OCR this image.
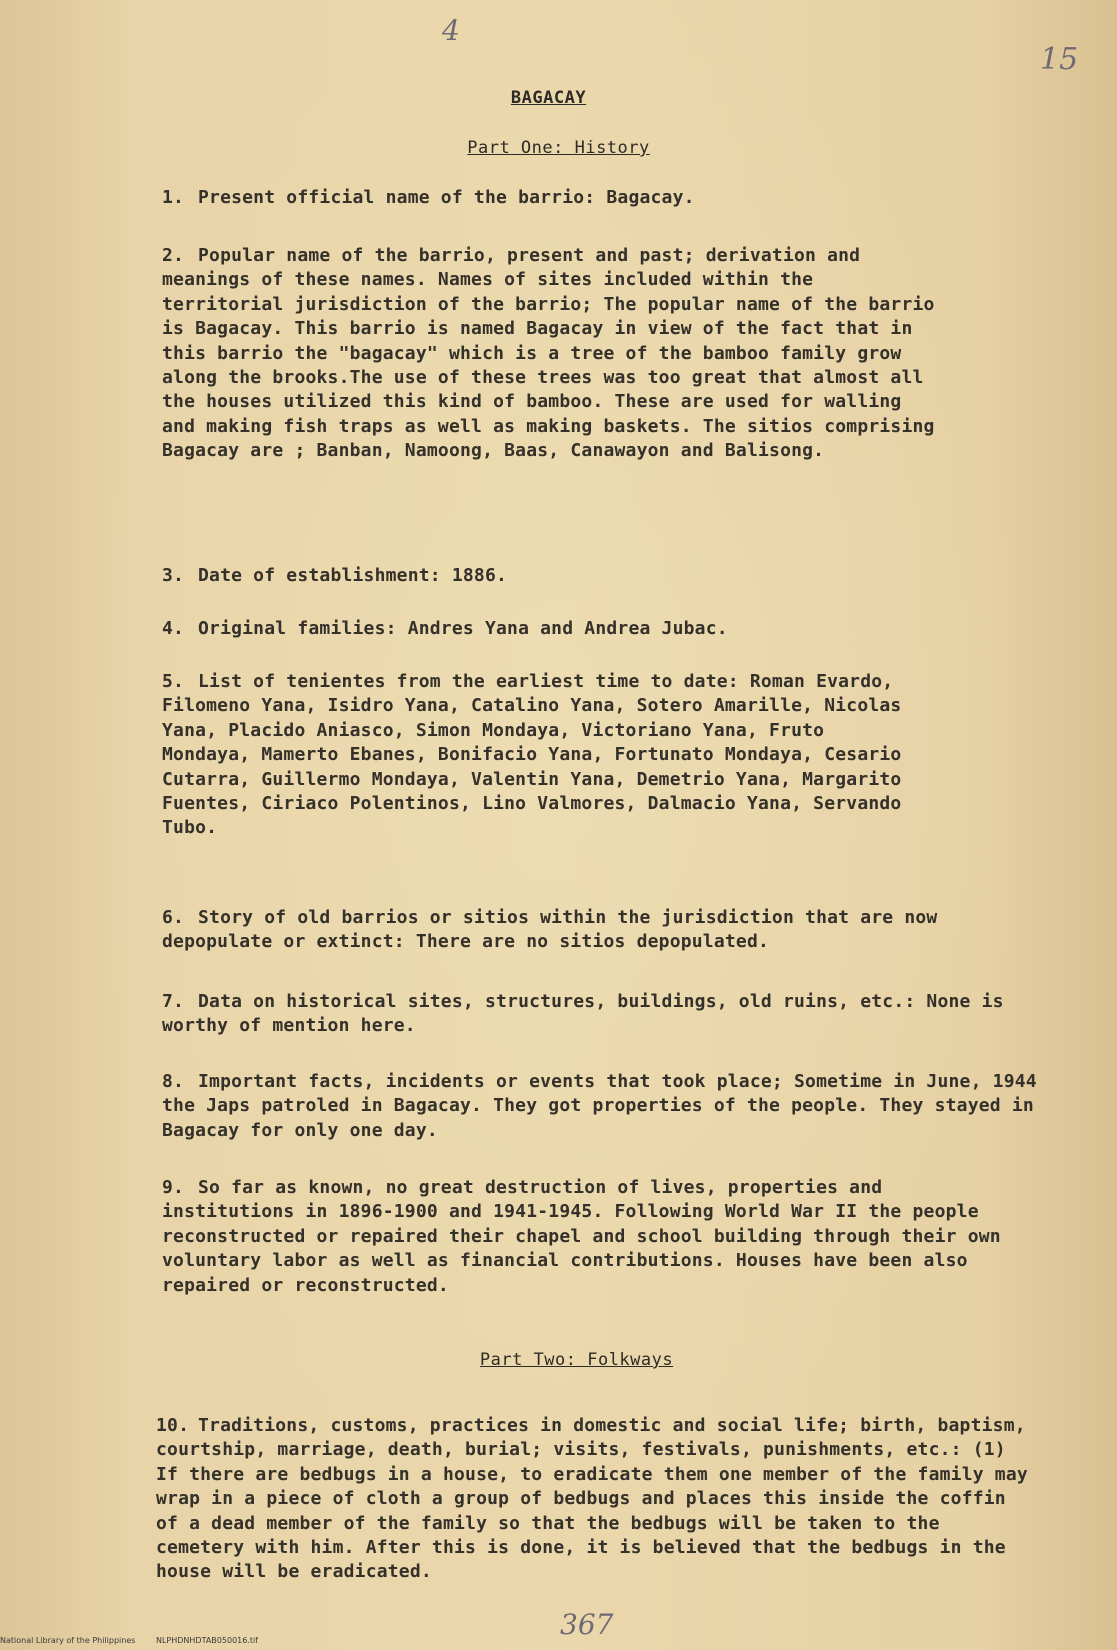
4
15
BAGACAY
Part One: History
1. Present official name of the barrio: Bagacay.
2. Popular name of the barrio, present and past; derivation and meanings of these names. Names of sites included within the territorial jurisdiction of the barrio; The popular name of the barrio is Bagacay. This barrio is named Bagacay in view of the fact that in this barrio the "bagacay" which is a tree of the bamboo family grow along the brooks.The use of these trees was too great that almost all the houses utilized this kind of bamboo. These are used for walling and making fish traps as well as making baskets. The sitios comprising Bagacay are ; Banban, Namoong, Baas, Canawayon and Balisong.
3. Date of establishment: 1886.
4. Original families: Andres Yana and Andrea Jubac.
5. List of tenientes from the earliest time to date: Roman Evardo, Filomeno Yana, Isidro Yana, Catalino Yana, Sotero Amarille, Nicolas Yana, Placido Aniasco, Simon Mondaya, Victoriano Yana, Fruto Mondaya, Mamerto Ebanes, Bonifacio Yana, Fortunato Mondaya, Cesario Cutarra, Guillermo Mondaya, Valentin Yana, Demetrio Yana, Margarito Fuentes, Ciriaco Polentinos, Lino Valmores, Dalmacio Yana, Servando Tubo.
6. Story of old barrios or sitios within the jurisdiction that are now depopulate or extinct: There are no sitios depopulated.
7. Data on historical sites, structures, buildings, old ruins, etc.: None is worthy of mention here.
8. Important facts, incidents or events that took place; Sometime in June, 1944 the Japs patroled in Bagacay. They got properties of the people. They stayed in Bagacay for only one day.
9. So far as known, no great destruction of lives, properties and institutions in 1896-1900 and 1941-1945. Following World War II the people reconstructed or repaired their chapel and school building through their own voluntary labor as well as financial contributions. Houses have been also repaired or reconstructed.
Part Two: Folkways
10. Traditions, customs, practices in domestic and social life; birth, baptism, courtship, marriage, death, burial; visits, festivals, punishments, etc.: (1) If there are bedbugs in a house, to eradicate them one member of the family may wrap in a piece of cloth a group of bedbugs and places this inside the coffin of a dead member of the family so that the bedbugs will be taken to the cemetery with him. After this is done, it is believed that the bedbugs in the house will be eradicated.
367
National Library of the Philippines	NLPHDNHDTAB050016.tif
